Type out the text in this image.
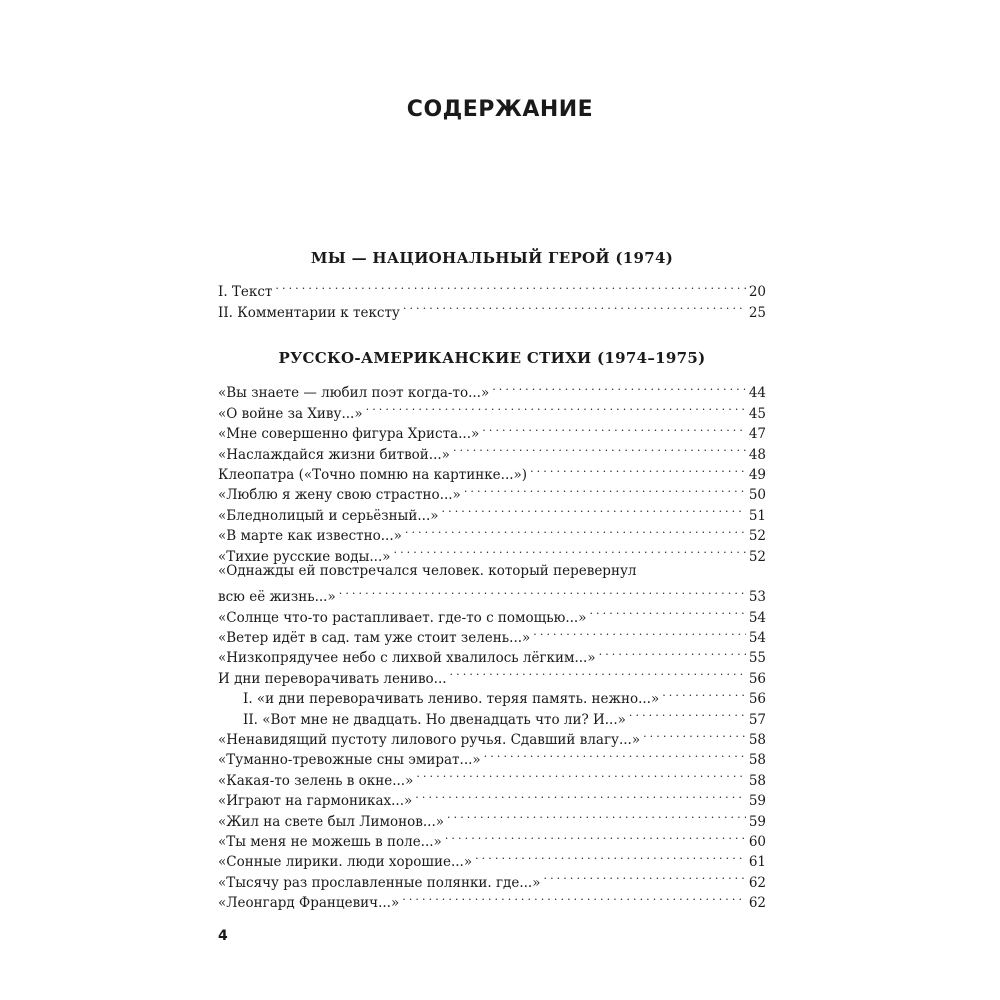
СОДЕРЖАНИЕ
МЫ — НАЦИОНАЛЬНЫЙ ГЕРОЙ (1974)
I. Текст . . .	20
II. Комментарии к тексту . . .	25
РУССКО-АМЕРИКАНСКИЕ СТИХИ (1974–1975)
«Вы знаете — любил поэт когда-то...» . . .	44
«О войне за Хиву...» . . .	45
«Мне совершенно фигура Христа...» . . .	47
«Наслаждайся жизни битвой...» . . .	48
Клеопатра («Точно помню на картинке...») . . .	49
«Люблю я жену свою страстно...» . . .	50
«Бледнолицый и серьёзный...» . . .	51
«В марте как известно...» . . .	52
«Тихие русские воды...» . . .	52
«Однажды ей повстречался человек. который перевернул
всю её жизнь...» . . .	53
«Солнце что-то растапливает. где-то с помощью...» . . .	54
«Ветер идёт в сад. там уже стоит зелень...» . . .	54
«Низкопрядучее небо с лихвой хвалилось лёгким...» . . .	55
И дни переворачивать лениво... . . .	56
I. «и дни переворачивать лениво. теряя память. нежно...» . . .	56
II. «Вот мне не двадцать. Но двенадцать что ли? И...» . . .	57
«Ненавидящий пустоту лилового ручья. Сдавший влагу...» . . .	58
«Туманно-тревожные сны эмират...» . . .	58
«Какая-то зелень в окне...» . . .	58
«Играют на гармониках...» . . .	59
«Жил на свете был Лимонов...» . . .	59
«Ты меня не можешь в поле...» . . .	60
«Сонные лирики. люди хорошие...» . . .	61
«Тысячу раз прославленные полянки. где...» . . .	62
«Леонгард Францевич...» . . .	62
4
